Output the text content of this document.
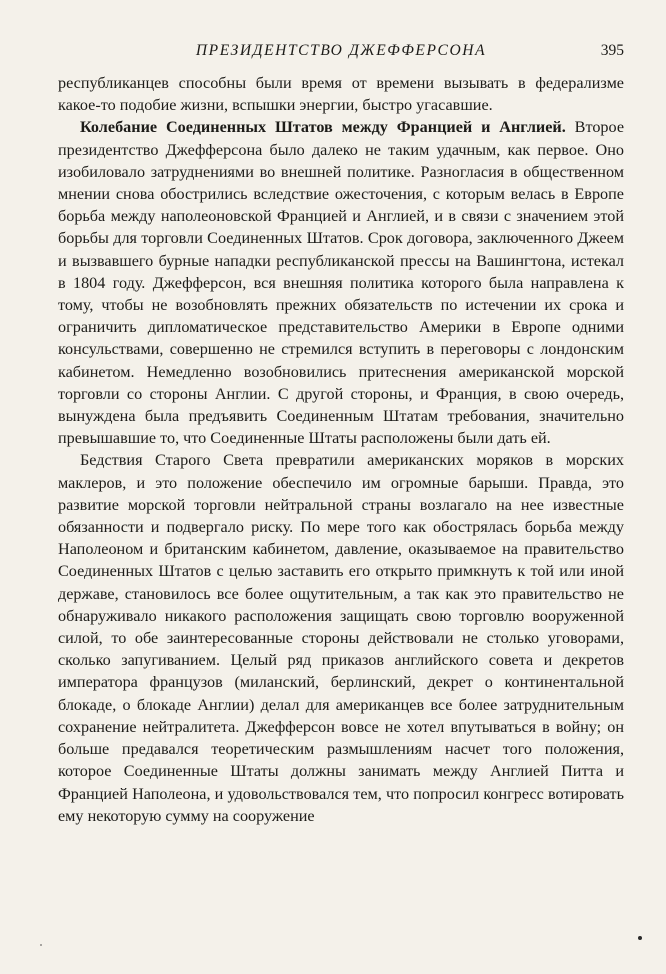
ПРЕЗИДЕНТСТВО ДЖЕФФЕРСОНА	395

республиканцев способны были время от времени вызывать в федерализме какое-то подобие жизни, вспышки энергии, быстро угасавшие.

Колебание Соединенных Штатов между Францией и Англией. Второе президентство Джефферсона было далеко не таким удачным, как первое. Оно изобиловало затруднениями во внешней политике. Разногласия в общественном мнении снова обострились вследствие ожесточения, с которым велась в Европе борьба между наполеоновской Францией и Англией, и в связи с значением этой борьбы для торговли Соединенных Штатов. Срок договора, заключенного Джеем и вызвавшего бурные нападки республиканской прессы на Вашингтона, истекал в 1804 году. Джефферсон, вся внешняя политика которого была направлена к тому, чтобы не возобновлять прежних обязательств по истечении их срока и ограничить дипломатическое представительство Америки в Европе одними консульствами, совершенно не стремился вступить в переговоры с лондонским кабинетом. Немедленно возобновились притеснения американской морской торговли со стороны Англии. С другой стороны, и Франция, в свою очередь, вынуждена была предъявить Соединенным Штатам требования, значительно превышавшие то, что Соединенные Штаты расположены были дать ей.

Бедствия Старого Света превратили американских моряков в морских маклеров, и это положение обеспечило им огромные барыши. Правда, это развитие морской торговли нейтральной страны возлагало на нее известные обязанности и подвергало риску. По мере того как обострялась борьба между Наполеоном и британским кабинетом, давление, оказываемое на правительство Соединенных Штатов с целью заставить его открыто примкнуть к той или иной державе, становилось все более ощутительным, а так как это правительство не обнаруживало никакого расположения защищать свою торговлю вооруженной силой, то обе заинтересованные стороны действовали не столько уговорами, сколько запугиванием. Целый ряд приказов английского совета и декретов императора французов (миланский, берлинский, декрет о континентальной блокаде, о блокаде Англии) делал для американцев все более затруднительным сохранение нейтралитета. Джефферсон вовсе не хотел впутываться в войну; он больше предавался теоретическим размышлениям насчет того положения, которое Соединенные Штаты должны занимать между Англией Питта и Францией Наполеона, и удовольствовался тем, что попросил конгресс вотировать ему некоторую сумму на сооружение
